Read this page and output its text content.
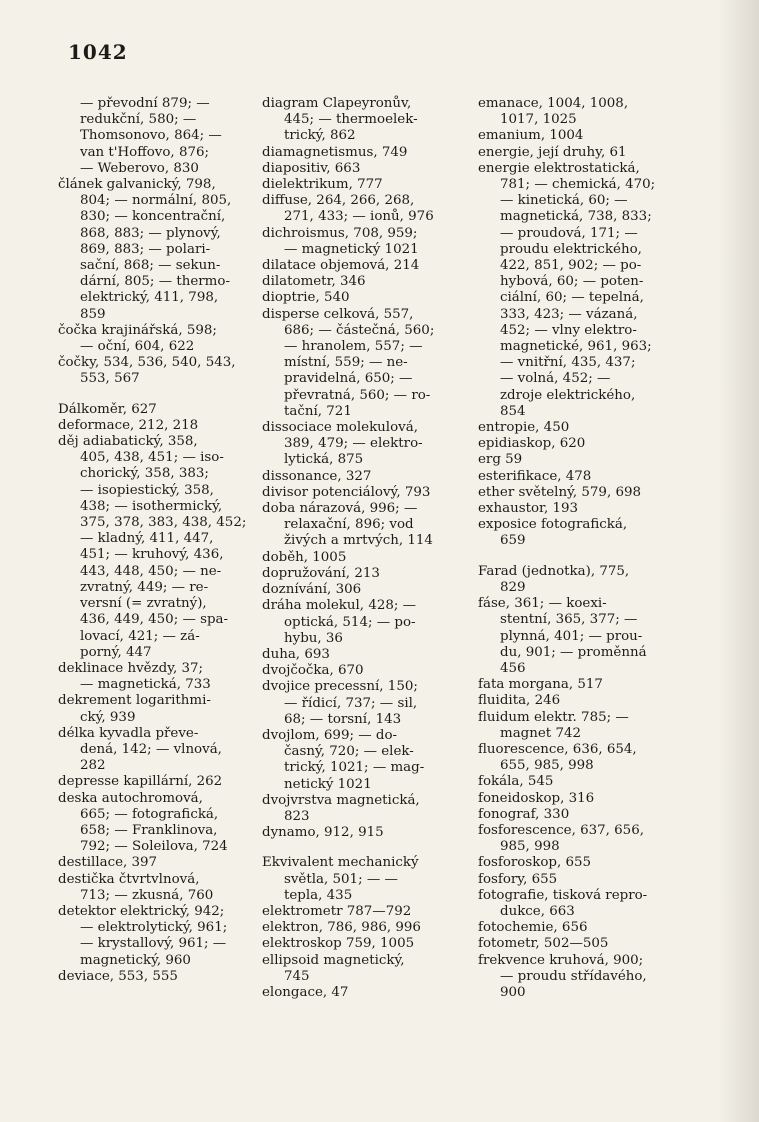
1042
— převodní 879; —
redukční, 580; —
Thomsonovo, 864; —
van t'Hoffovo, 876;
— Weberovo, 830
článek galvanický, 798,
804; — normální, 805,
830; — koncentrační,
868, 883; — plynový,
869, 883; — polari-
sační, 868; — sekun-
dární, 805; — thermo-
elektrický, 411, 798,
859
čočka krajinářská, 598;
— oční, 604, 622
čočky, 534, 536, 540, 543,
553, 567
Dálkoměr, 627
deformace, 212, 218
děj adiabatický, 358,
405, 438, 451; — iso-
chorický, 358, 383;
— isopiestický, 358,
438; — isothermický,
375, 378, 383, 438, 452;
— kladný, 411, 447,
451; — kruhový, 436,
443, 448, 450; — ne-
zvratný, 449; — re-
versní (= zvratný),
436, 449, 450; — spa-
lovací, 421; — zá-
porný, 447
deklinace hvězdy, 37;
— magnetická, 733
dekrement logarithmi-
cký, 939
délka kyvadla převe-
dená, 142; — vlnová,
282
depresse kapillární, 262
deska autochromová,
665; — fotografická,
658; — Franklinova,
792; — Soleilova, 724
destillace, 397
destička čtvrtvlnová,
713; — zkusná, 760
detektor elektrický, 942;
— elektrolytický, 961;
— krystallový, 961; —
magnetický, 960
deviace, 553, 555
diagram Clapeyronův,
445; — thermoelek-
trický, 862
diamagnetismus, 749
diapositiv, 663
dielektrikum, 777
diffuse, 264, 266, 268,
271, 433; — ionů, 976
dichroismus, 708, 959;
— magnetický 1021
dilatace objemová, 214
dilatometr, 346
dioptrie, 540
disperse celková, 557,
686; — částečná, 560;
— hranolem, 557; —
místní, 559; — ne-
pravidelná, 650; —
převratná, 560; — ro-
tační, 721
dissociace molekulová,
389, 479; — elektro-
lytická, 875
dissonance, 327
divisor potenciálový, 793
doba nárazová, 996; —
relaxační, 896; vod
živých a mrtvých, 114
doběh, 1005
dopružování, 213
doznívání, 306
dráha molekul, 428; —
optická, 514; — po-
hybu, 36
duha, 693
dvojčočka, 670
dvojice precessní, 150;
— řídicí, 737; — sil,
68; — torsní, 143
dvojlom, 699; — do-
časný, 720; — elek-
trický, 1021; — mag-
netický 1021
dvojvrstva magnetická,
823
dynamo, 912, 915
Ekvivalent mechanický
světla, 501; — —
tepla, 435
elektrometr 787—792
elektron, 786, 986, 996
elektroskop 759, 1005
ellipsoid magnetický,
745
elongace, 47
emanace, 1004, 1008,
1017, 1025
emanium, 1004
energie, její druhy, 61
energie elektrostatická,
781; — chemická, 470;
— kinetická, 60; —
magnetická, 738, 833;
— proudová, 171; —
proudu elektrického,
422, 851, 902; — po-
hybová, 60; — poten-
ciální, 60; — tepelná,
333, 423; — vázaná,
452; — vlny elektro-
magnetické, 961, 963;
— vnitřní, 435, 437;
— volná, 452; —
zdroje elektrického,
854
entropie, 450
epidiaskop, 620
erg 59
esterifikace, 478
ether světelný, 579, 698
exhaustor, 193
exposice fotografická,
659
Farad (jednotka), 775,
829
fáse, 361; — koexi-
stentní, 365, 377; —
plynná, 401; — prou-
du, 901; — proměnná
456
fata morgana, 517
fluidita, 246
fluidum elektr. 785; —
magnet 742
fluorescence, 636, 654,
655, 985, 998
fokála, 545
foneidoskop, 316
fonograf, 330
fosforescence, 637, 656,
985, 998
fosforoskop, 655
fosfory, 655
fotografie, tisková repro-
dukce, 663
fotochemie, 656
fotometr, 502—505
frekvence kruhová, 900;
— proudu střídavého,
900
